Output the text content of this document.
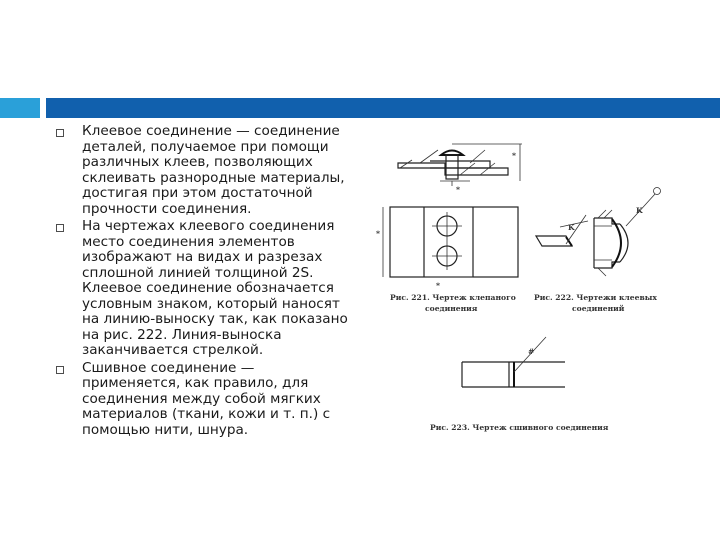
Клеевое соединение — соединение деталей, получаемое при помощи различных клеев, позволяющих склеивать разнородные материалы, достигая при этом достаточной прочности соединения.
На чертежах клеевого соединения место соединения элементов изображают на видах и разрезах сплошной линией толщиной 2S. Клеевое соединение обозначается условным знаком, который наносят на линию-выноску так, как показано на рис. 222. Линия-выноска заканчивается стрелкой.
Сшивное соединение — применяется, как правило, для соединения между собой мягких материалов (ткани, кожи и т. п.) с помощью нити, шнура.
*
*
*
*
Рис. 221. Чертеж клепаного
соединения
K
K
Рис. 222. Чертежи клеевых
соединений
#
Рис. 223. Чертеж сшивного соединения
